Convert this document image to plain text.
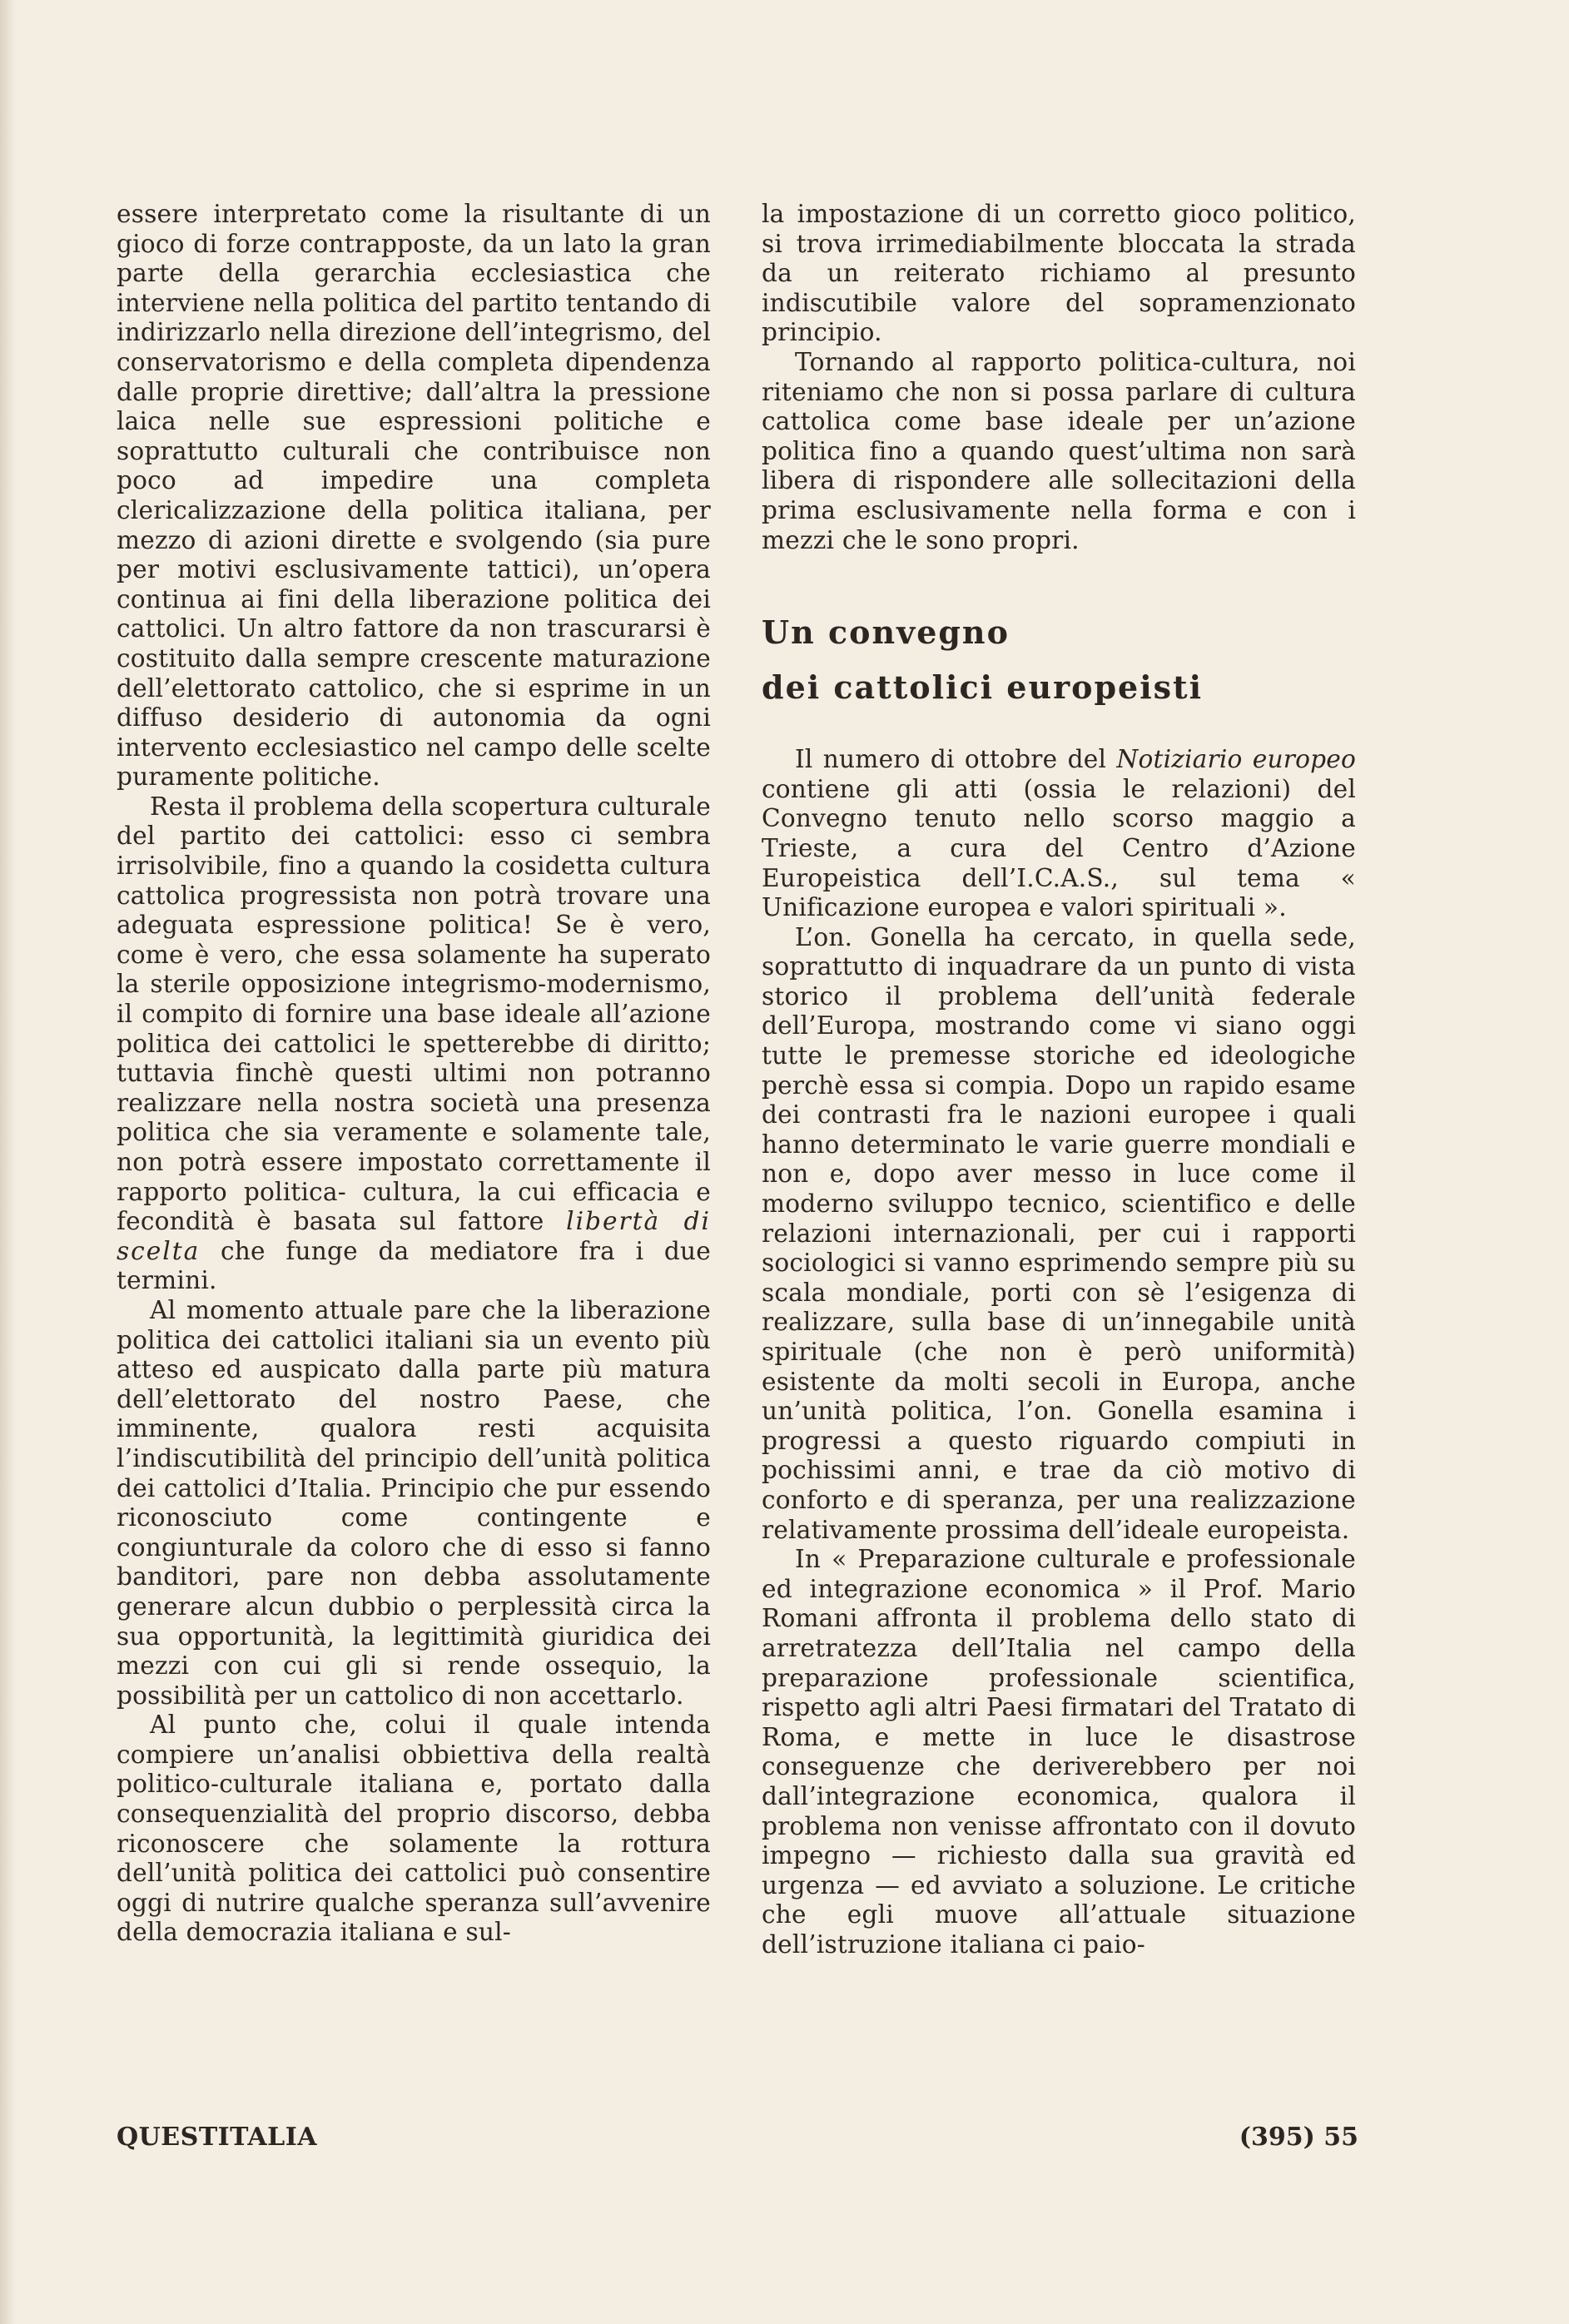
essere interpretato come la risultante di un gioco di forze contrapposte, da un lato la gran parte della gerarchia ecclesiastica che interviene nella politica del partito tentando di indirizzarlo nella direzione dell’integrismo, del conservatorismo e della completa dipendenza dalle proprie direttive; dall’altra la pressione laica nelle sue espressioni politiche e soprattutto culturali che contribuisce non poco ad impedire una completa clericalizzazione della politica italiana, per mezzo di azioni dirette e svolgendo (sia pure per motivi esclusivamente tattici), un’opera continua ai fini della liberazione politica dei cattolici. Un altro fattore da non trascurarsi è costituito dalla sempre crescente maturazione dell’elettorato cattolico, che si esprime in un diffuso desiderio di autonomia da ogni intervento ecclesiastico nel campo delle scelte puramente politiche.

Resta il problema della scopertura culturale del partito dei cattolici: esso ci sembra irrisolvibile, fino a quando la cosidetta cultura cattolica progressista non potrà trovare una adeguata espressione politica! Se è vero, come è vero, che essa solamente ha superato la sterile opposizione integrismo-modernismo, il compito di fornire una base ideale all’azione politica dei cattolici le spetterebbe di diritto; tuttavia finchè questi ultimi non potranno realizzare nella nostra società una presenza politica che sia veramente e solamente tale, non potrà essere impostato correttamente il rapporto politica- cultura, la cui efficacia e fecondità è basata sul fattore libertà di scelta che funge da mediatore fra i due termini.

Al momento attuale pare che la liberazione politica dei cattolici italiani sia un evento più atteso ed auspicato dalla parte più matura dell’elettorato del nostro Paese, che imminente, qualora resti acquisita l’indiscutibilità del principio dell’unità politica dei cattolici d’Italia. Principio che pur essendo riconosciuto come contingente e congiunturale da coloro che di esso si fanno banditori, pare non debba assolutamente generare alcun dubbio o perplessità circa la sua opportunità, la legittimità giuridica dei mezzi con cui gli si rende ossequio, la possibilità per un cattolico di non accettarlo.

Al punto che, colui il quale intenda compiere un’analisi obbiettiva della realtà politico-culturale italiana e, portato dalla consequenzialità del proprio discorso, debba riconoscere che solamente la rottura dell’unità politica dei cattolici può consentire oggi di nutrire qualche speranza sull’avvenire della democrazia italiana e sul-

la impostazione di un corretto gioco politico, si trova irrimediabilmente bloccata la strada da un reiterato richiamo al presunto indiscutibile valore del sopramenzionato principio.

Tornando al rapporto politica-cultura, noi riteniamo che non si possa parlare di cultura cattolica come base ideale per un’azione politica fino a quando quest’ultima non sarà libera di rispondere alle sollecitazioni della prima esclusivamente nella forma e con i mezzi che le sono propri.

Un convegno
dei cattolici europeisti

Il numero di ottobre del Notiziario europeo contiene gli atti (ossia le relazioni) del Convegno tenuto nello scorso maggio a Trieste, a cura del Centro d’Azione Europeistica dell’I.C.A.S., sul tema « Unificazione europea e valori spirituali ».

L’on. Gonella ha cercato, in quella sede, soprattutto di inquadrare da un punto di vista storico il problema dell’unità federale dell’Europa, mostrando come vi siano oggi tutte le premesse storiche ed ideologiche perchè essa si compia. Dopo un rapido esame dei contrasti fra le nazioni europee i quali hanno determinato le varie guerre mondiali e non e, dopo aver messo in luce come il moderno sviluppo tecnico, scientifico e delle relazioni internazionali, per cui i rapporti sociologici si vanno esprimendo sempre più su scala mondiale, porti con sè l’esigenza di realizzare, sulla base di un’innegabile unità spirituale (che non è però uniformità) esistente da molti secoli in Europa, anche un’unità politica, l’on. Gonella esamina i progressi a questo riguardo compiuti in pochissimi anni, e trae da ciò motivo di conforto e di speranza, per una realizzazione relativamente prossima dell’ideale europeista.

In « Preparazione culturale e professionale ed integrazione economica » il Prof. Mario Romani affronta il problema dello stato di arretratezza dell’Italia nel campo della preparazione professionale scientifica, rispetto agli altri Paesi firmatari del Tratato di Roma, e mette in luce le disastrose conseguenze che deriverebbero per noi dall’integrazione economica, qualora il problema non venisse affrontato con il dovuto impegno — richiesto dalla sua gravità ed urgenza — ed avviato a soluzione. Le critiche che egli muove all’attuale situazione dell’istruzione italiana ci paio-

QUESTITALIA	(395) 55
